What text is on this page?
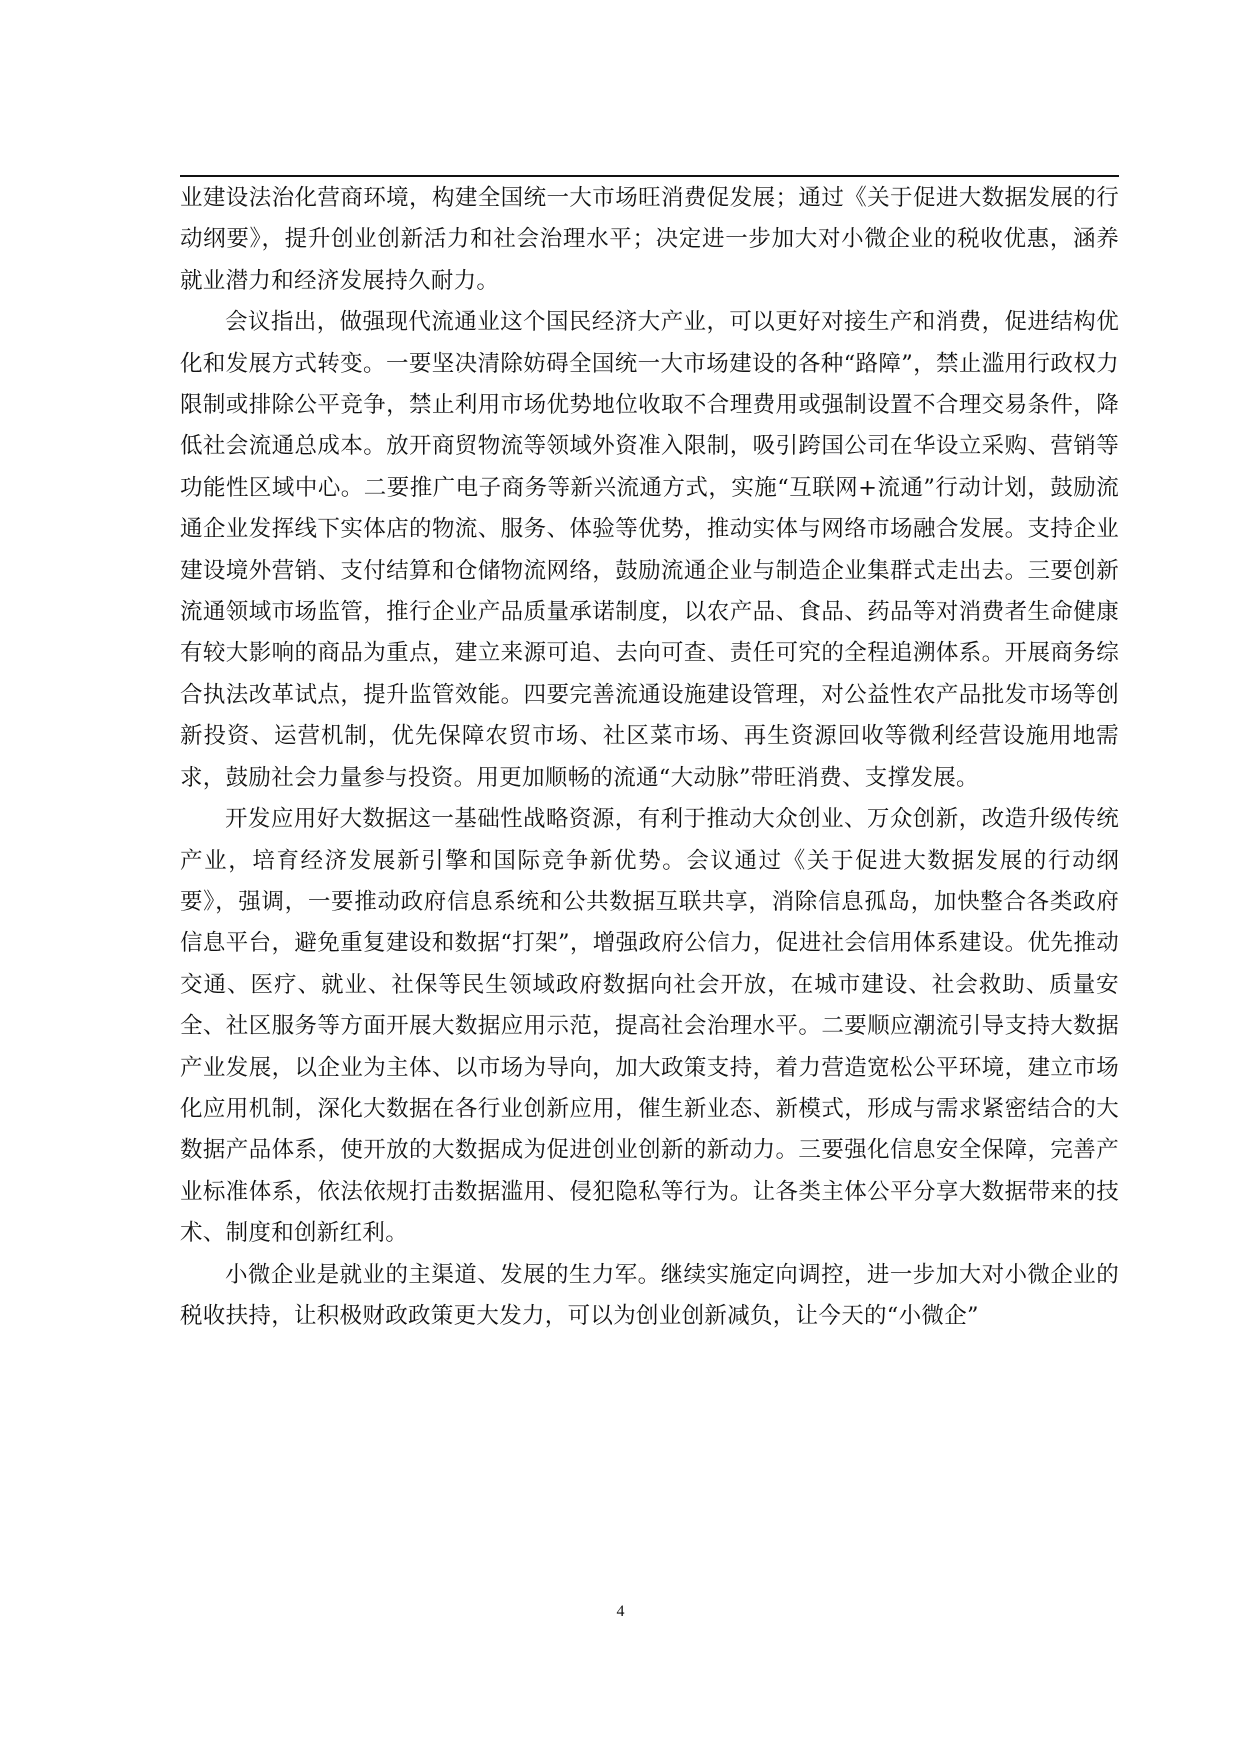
业建设法治化营商环境，构建全国统一大市场旺消费促发展；通过《关于促进大数据发展的行动纲要》，提升创业创新活力和社会治理水平；决定进一步加大对小微企业的税收优惠，涵养就业潜力和经济发展持久耐力。

会议指出，做强现代流通业这个国民经济大产业，可以更好对接生产和消费，促进结构优化和发展方式转变。一要坚决清除妨碍全国统一大市场建设的各种“路障”，禁止滥用行政权力限制或排除公平竞争，禁止利用市场优势地位收取不合理费用或强制设置不合理交易条件，降低社会流通总成本。放开商贸物流等领域外资准入限制，吸引跨国公司在华设立采购、营销等功能性区域中心。二要推广电子商务等新兴流通方式，实施“互联网+流通”行动计划，鼓励流通企业发挥线下实体店的物流、服务、体验等优势，推动实体与网络市场融合发展。支持企业建设境外营销、支付结算和仓储物流网络，鼓励流通企业与制造企业集群式走出去。三要创新流通领域市场监管，推行企业产品质量承诺制度，以农产品、食品、药品等对消费者生命健康有较大影响的商品为重点，建立来源可追、去向可查、责任可究的全程追溯体系。开展商务综合执法改革试点，提升监管效能。四要完善流通设施建设管理，对公益性农产品批发市场等创新投资、运营机制，优先保障农贸市场、社区菜市场、再生资源回收等微利经营设施用地需求，鼓励社会力量参与投资。用更加顺畅的流通“大动脉”带旺消费、支撑发展。

开发应用好大数据这一基础性战略资源，有利于推动大众创业、万众创新，改造升级传统产业，培育经济发展新引擎和国际竞争新优势。会议通过《关于促进大数据发展的行动纲要》，强调，一要推动政府信息系统和公共数据互联共享，消除信息孤岛，加快整合各类政府信息平台，避免重复建设和数据“打架”，增强政府公信力，促进社会信用体系建设。优先推动交通、医疗、就业、社保等民生领域政府数据向社会开放，在城市建设、社会救助、质量安全、社区服务等方面开展大数据应用示范，提高社会治理水平。二要顺应潮流引导支持大数据产业发展，以企业为主体、以市场为导向，加大政策支持，着力营造宽松公平环境，建立市场化应用机制，深化大数据在各行业创新应用，催生新业态、新模式，形成与需求紧密结合的大数据产品体系，使开放的大数据成为促进创业创新的新动力。三要强化信息安全保障，完善产业标准体系，依法依规打击数据滥用、侵犯隐私等行为。让各类主体公平分享大数据带来的技术、制度和创新红利。

小微企业是就业的主渠道、发展的生力军。继续实施定向调控，进一步加大对小微企业的税收扶持，让积极财政政策更大发力，可以为创业创新减负，让今天的“小微企”

4
